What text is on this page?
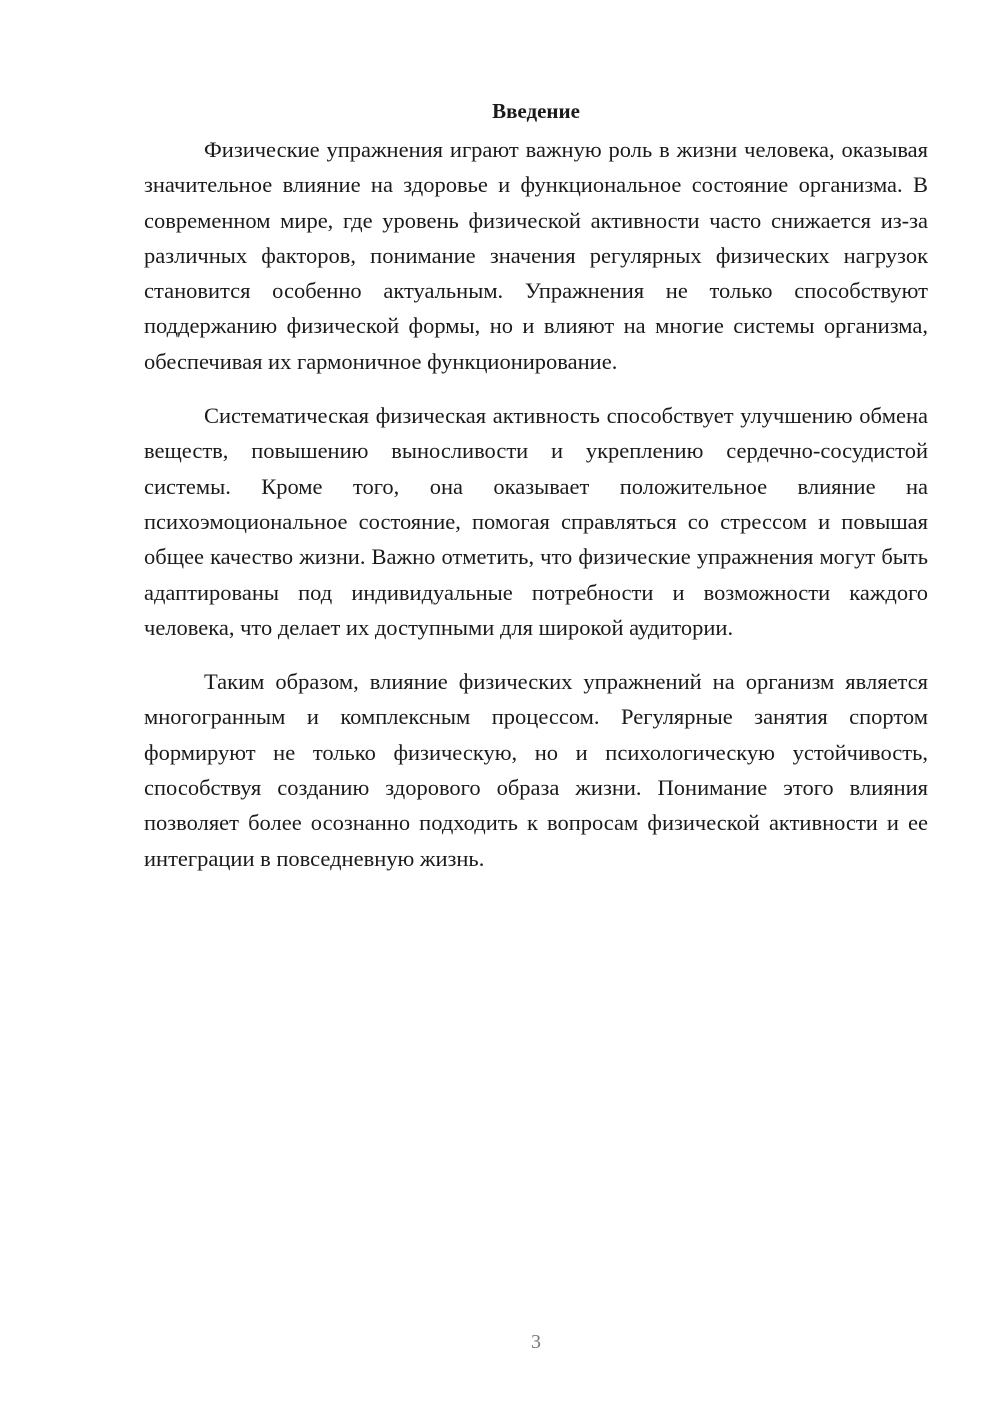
Введение

Физические упражнения играют важную роль в жизни человека, оказывая значительное влияние на здоровье и функциональное состояние организма. В современном мире, где уровень физической активности часто снижается из-за различных факторов, понимание значения регулярных физических нагрузок становится особенно актуальным. Упражнения не только способствуют поддержанию физической формы, но и влияют на многие системы организма, обеспечивая их гармоничное функционирование.

Систематическая физическая активность способствует улучшению обмена веществ, повышению выносливости и укреплению сердечно-сосудистой системы. Кроме того, она оказывает положительное влияние на психоэмоциональное состояние, помогая справляться со стрессом и повышая общее качество жизни. Важно отметить, что физические упражнения могут быть адаптированы под индивидуальные потребности и возможности каждого человека, что делает их доступными для широкой аудитории.

Таким образом, влияние физических упражнений на организм является многогранным и комплексным процессом. Регулярные занятия спортом формируют не только физическую, но и психологическую устойчивость, способствуя созданию здорового образа жизни. Понимание этого влияния позволяет более осознанно подходить к вопросам физической активности и ее интеграции в повседневную жизнь.

3
